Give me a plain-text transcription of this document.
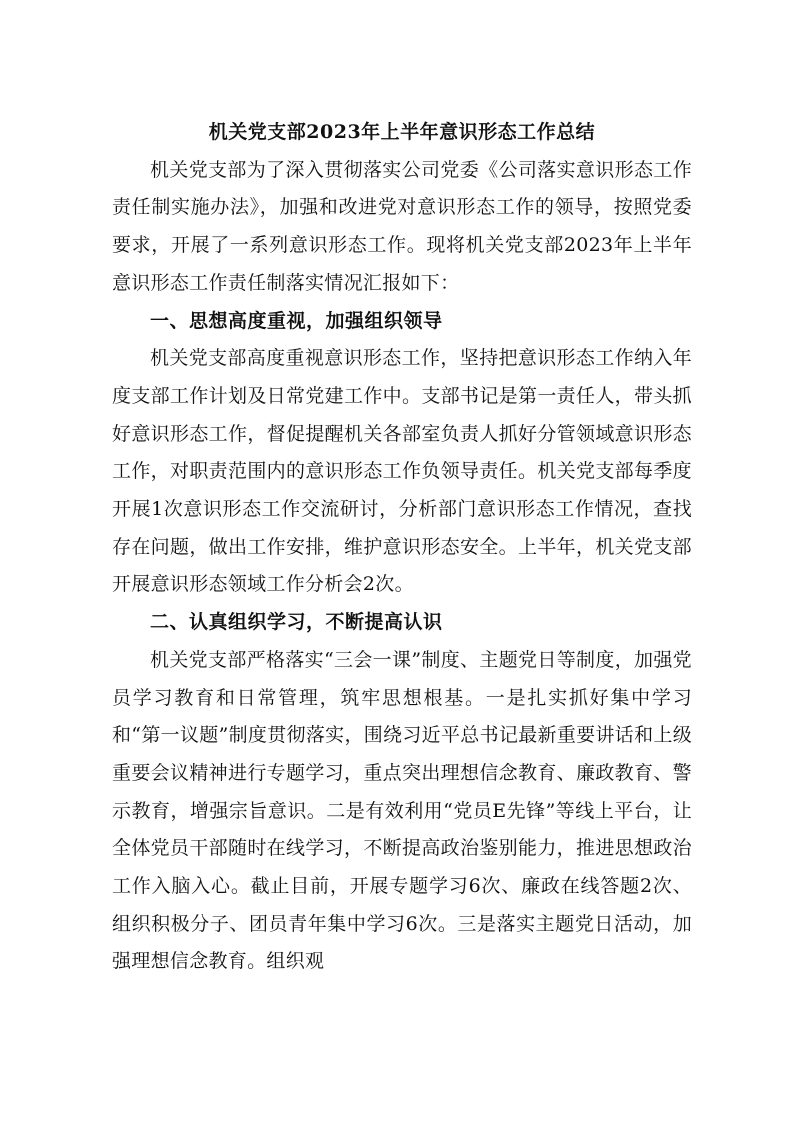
机关党支部2023年上半年意识形态工作总结

机关党支部为了深入贯彻落实公司党委《公司落实意识形态工作责任制实施办法》，加强和改进党对意识形态工作的领导，按照党委要求，开展了一系列意识形态工作。现将机关党支部2023年上半年意识形态工作责任制落实情况汇报如下：

一、思想高度重视，加强组织领导

机关党支部高度重视意识形态工作，坚持把意识形态工作纳入年度支部工作计划及日常党建工作中。支部书记是第一责任人，带头抓好意识形态工作，督促提醒机关各部室负责人抓好分管领域意识形态工作，对职责范围内的意识形态工作负领导责任。机关党支部每季度开展1次意识形态工作交流研讨，分析部门意识形态工作情况，查找存在问题，做出工作安排，维护意识形态安全。上半年，机关党支部开展意识形态领域工作分析会2次。

二、认真组织学习，不断提高认识

机关党支部严格落实“三会一课”制度、主题党日等制度，加强党员学习教育和日常管理，筑牢思想根基。一是扎实抓好集中学习和“第一议题”制度贯彻落实，围绕习近平总书记最新重要讲话和上级重要会议精神进行专题学习，重点突出理想信念教育、廉政教育、警示教育，增强宗旨意识。二是有效利用“党员E先锋”等线上平台，让全体党员干部随时在线学习，不断提高政治鉴别能力，推进思想政治工作入脑入心。截止目前，开展专题学习6次、廉政在线答题2次、组织积极分子、团员青年集中学习6次。三是落实主题党日活动，加强理想信念教育。组织观
